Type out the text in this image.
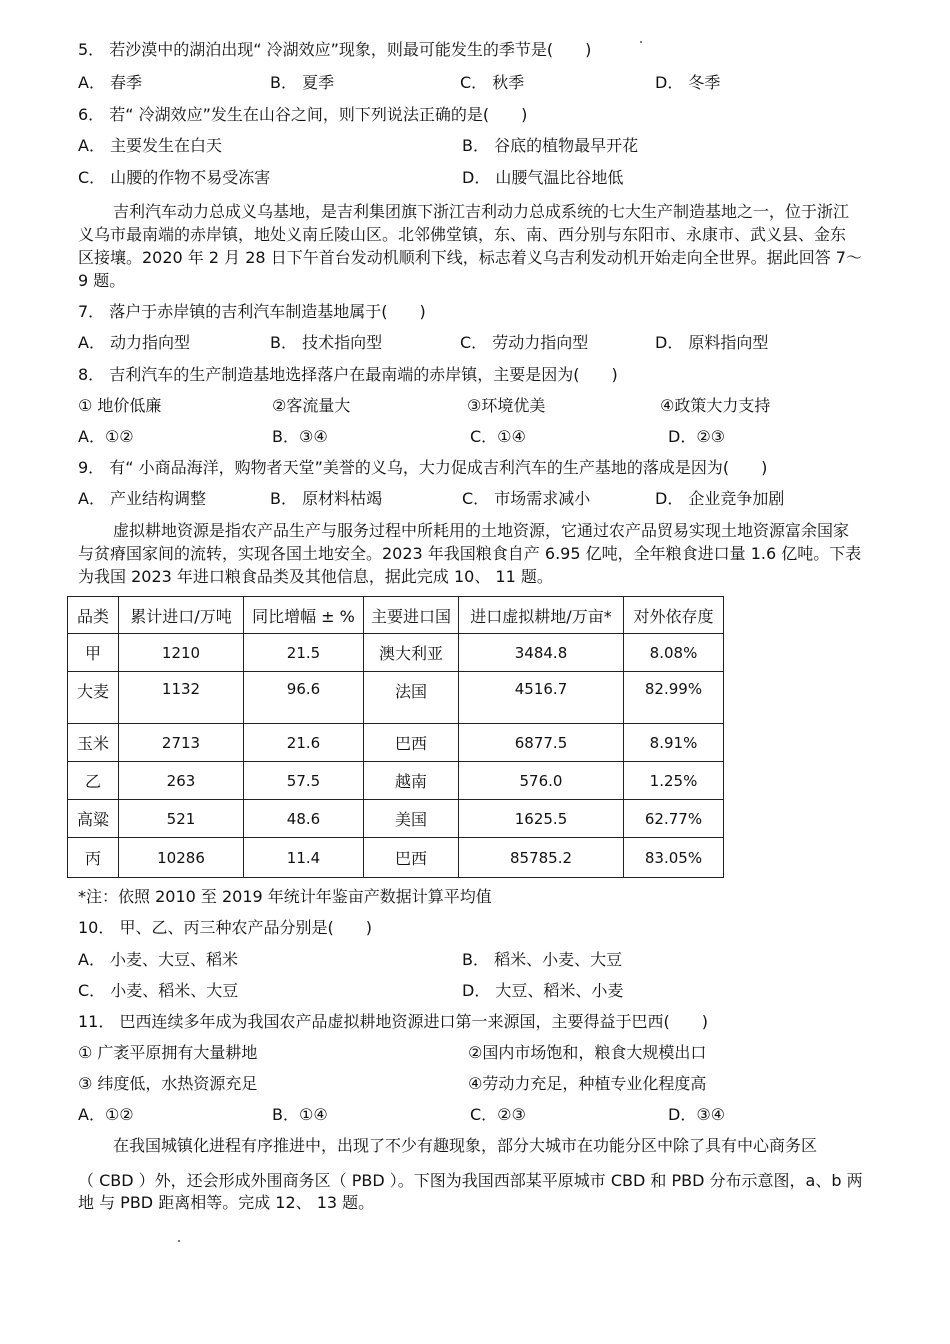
5． 若沙漠中的湖泊出现“ 冷湖效应”现象，则最可能发生的季节是(　　)
A． 春季	B． 夏季	C． 秋季	D． 冬季
6． 若“ 冷湖效应”发生在山谷之间，则下列说法正确的是(　　)
A． 主要发生在白天	B． 谷底的植物最早开花
C． 山腰的作物不易受冻害	D． 山腰气温比谷地低
吉利汽车动力总成义乌基地，是吉利集团旗下浙江吉利动力总成系统的七大生产制造基地之一，位于浙江
义乌市最南端的赤岸镇，地处义南丘陵山区。北邻佛堂镇，东、南、西分别与东阳市、永康市、武义县、金东
区接壤。2020 年 2 月 28 日下午首台发动机顺利下线，标志着义乌吉利发动机开始走向全世界。据此回答 7～
9 题。
7． 落户于赤岸镇的吉利汽车制造基地属于(　　)
A． 动力指向型	B． 技术指向型	C． 劳动力指向型	D． 原料指向型
8． 吉利汽车的生产制造基地选择落户在最南端的赤岸镇，主要是因为(　　)
① 地价低廉	②客流量大	③环境优美	④政策大力支持
A．①②	B．③④	C．①④	D．②③
9． 有“ 小商品海洋，购物者天堂”美誉的义乌，大力促成吉利汽车的生产基地的落成是因为(　　)
A． 产业结构调整	B． 原材料枯竭	C． 市场需求减小	D． 企业竞争加剧
虚拟耕地资源是指农产品生产与服务过程中所耗用的土地资源，它通过农产品贸易实现土地资源富余国家
与贫瘠国家间的流转，实现各国土地安全。2023 年我国粮食自产 6.95 亿吨，全年粮食进口量 1.6 亿吨。下表
为我国 2023 年进口粮食品类及其他信息，据此完成 10、 11 题。
品类	累计进口/万吨	同比增幅 ± %	主要进口国	进口虚拟耕地/万亩*	对外依存度
甲	1210	21.5	澳大利亚	3484.8	8.08%
大麦	1132	96.6	法国	4516.7	82.99%
玉米	2713	21.6	巴西	6877.5	8.91%
乙	263	57.5	越南	576.0	1.25%
高粱	521	48.6	美国	1625.5	62.77%
丙	10286	11.4	巴西	85785.2	83.05%
*注：依照 2010 至 2019 年统计年鉴亩产数据计算平均值
10． 甲、乙、丙三种农产品分别是(　　)
A． 小麦、大豆、稻米	B． 稻米、小麦、大豆
C． 小麦、稻米、大豆	D． 大豆、稻米、小麦
11． 巴西连续多年成为我国农产品虚拟耕地资源进口第一来源国，主要得益于巴西(　　)
① 广袤平原拥有大量耕地	②国内市场饱和，粮食大规模出口
③ 纬度低，水热资源充足	④劳动力充足，种植专业化程度高
A．①②	B．①④	C．②③	D．③④
在我国城镇化进程有序推进中，出现了不少有趣现象，部分大城市在功能分区中除了具有中心商务区
（ CBD ）外，还会形成外围商务区（ PBD ）。下图为我国西部某平原城市 CBD 和 PBD 分布示意图，a、b 两
地 与 PBD 距离相等。完成 12、 13 题。
